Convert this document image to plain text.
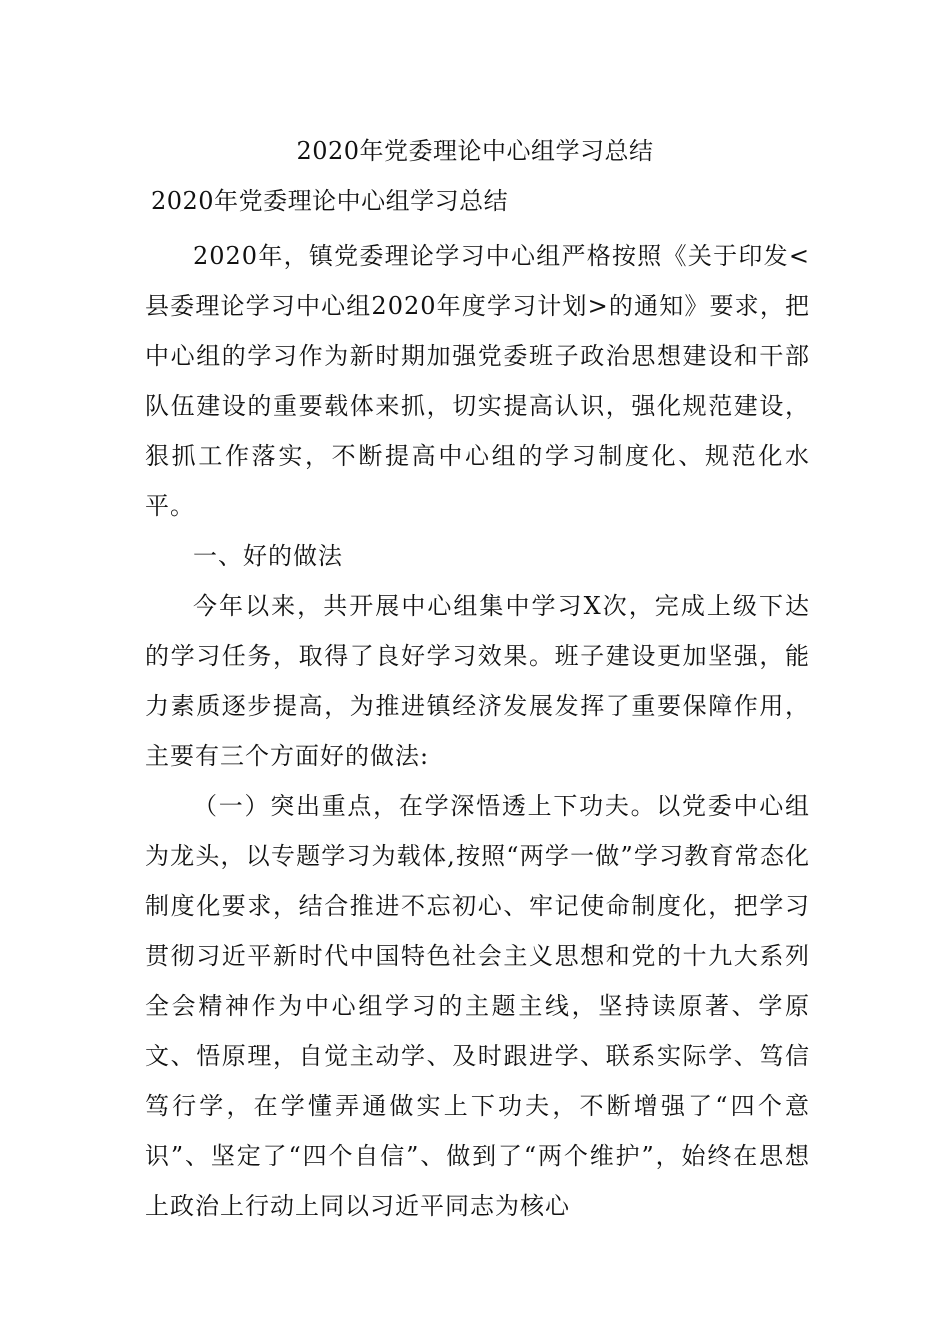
2020年党委理论中心组学习总结
2020年党委理论中心组学习总结

2020年，镇党委理论学习中心组严格按照《关于印发<县委理论学习中心组2020年度学习计划>的通知》要求，把中心组的学习作为新时期加强党委班子政治思想建设和干部队伍建设的重要载体来抓，切实提高认识，强化规范建设，狠抓工作落实，不断提高中心组的学习制度化、规范化水平。

一、好的做法

今年以来，共开展中心组集中学习X次，完成上级下达的学习任务，取得了良好学习效果。班子建设更加坚强，能力素质逐步提高，为推进镇经济发展发挥了重要保障作用，主要有三个方面好的做法:

（一）突出重点，在学深悟透上下功夫。以党委中心组为龙头，以专题学习为载体,按照“两学一做”学习教育常态化制度化要求，结合推进不忘初心、牢记使命制度化，把学习贯彻习近平新时代中国特色社会主义思想和党的十九大系列全会精神作为中心组学习的主题主线，坚持读原著、学原文、悟原理，自觉主动学、及时跟进学、联系实际学、笃信笃行学，在学懂弄通做实上下功夫，不断增强了“四个意识”、坚定了“四个自信”、做到了“两个维护”，始终在思想上政治上行动上同以习近平同志为核心
